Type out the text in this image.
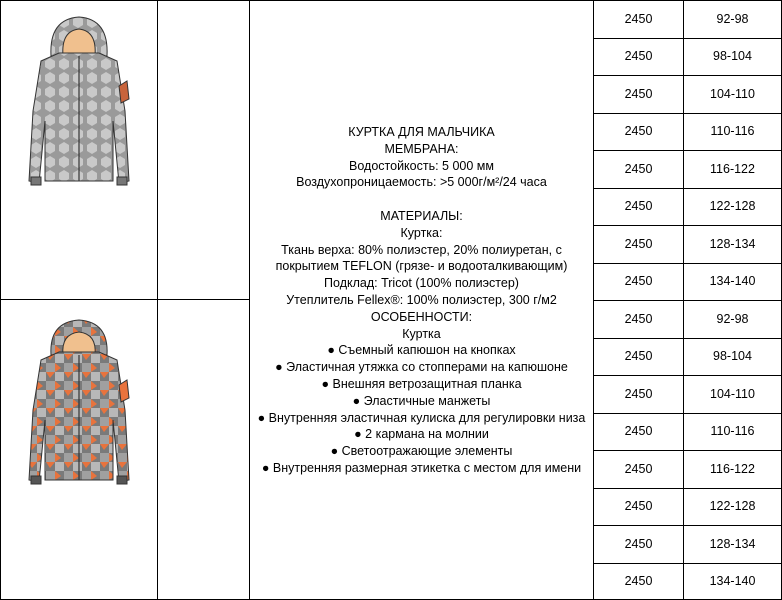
КУРТКА ДЛЯ МАЛЬЧИКА
МЕМБРАНА:
Водостойкость: 5 000 мм
Воздухопроницаемость: >5 000г/м²/24 часа
МАТЕРИАЛЫ:
Куртка:
Ткань верха: 80% полиэстер, 20% полиуретан, с
покрытием TEFLON (грязе- и водооталкивающим)
Подклад: Tricot (100% полиэстер)
Утеплитель Fellex®: 100% полиэстер, 300 г/м2
ОСОБЕННОСТИ:
Куртка
● Съемный капюшон на кнопках
● Эластичная утяжка со стопперами на капюшоне
● Внешняя ветрозащитная планка
● Эластичные манжеты
● Внутренняя эластичная кулиска для регулировки низа
● 2 кармана на молнии
● Светоотражающие элементы
● Внутренняя размерная этикетка с местом для имени
2450	92-98
2450	98-104
2450	104-110
2450	110-116
2450	116-122
2450	122-128
2450	128-134
2450	134-140
2450	92-98
2450	98-104
2450	104-110
2450	110-116
2450	116-122
2450	122-128
2450	128-134
2450	134-140
